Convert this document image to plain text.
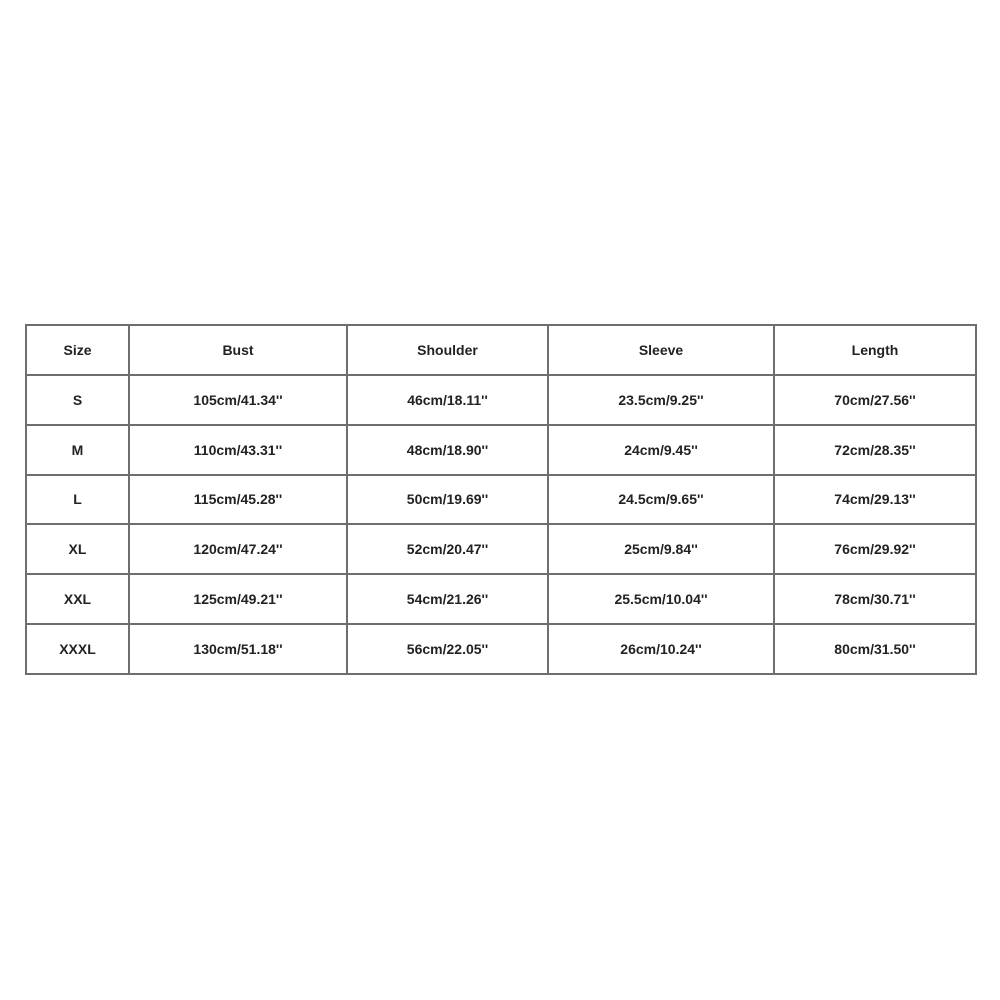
Size	Bust	Shoulder	Sleeve	Length
S	105cm/41.34''	46cm/18.11''	23.5cm/9.25''	70cm/27.56''
M	110cm/43.31''	48cm/18.90''	24cm/9.45''	72cm/28.35''
L	115cm/45.28''	50cm/19.69''	24.5cm/9.65''	74cm/29.13''
XL	120cm/47.24''	52cm/20.47''	25cm/9.84''	76cm/29.92''
XXL	125cm/49.21''	54cm/21.26''	25.5cm/10.04''	78cm/30.71''
XXXL	130cm/51.18''	56cm/22.05''	26cm/10.24''	80cm/31.50''
